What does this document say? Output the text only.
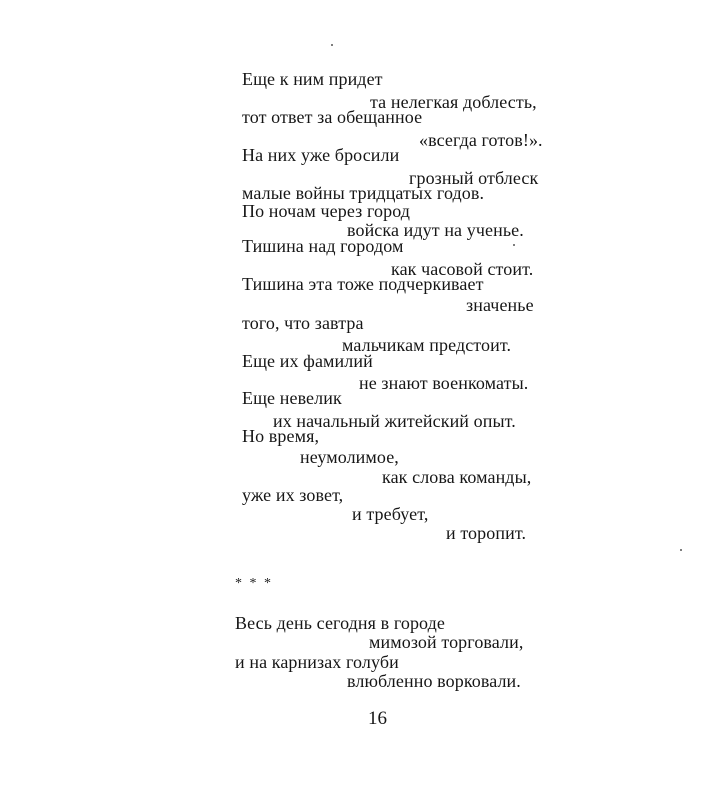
Еще к ним придет
та нелегкая доблесть,
тот ответ за обещанное
«всегда готов!».
На них уже бросили
грозный отблеск
малые войны тридцатых годов.
По ночам через город
войска идут на ученье.
Тишина над городом
как часовой стоит.
Тишина эта тоже подчеркивает
значенье
того, что завтра
мальчикам предстоит.
Еще их фамилий
не знают военкоматы.
Еще невелик
их начальный житейский опыт.
Но время,
неумолимое,
как слова команды,
уже их зовет,
и требует,
и торопит.
* * *
Весь день сегодня в городе
мимозой торговали,
и на карнизах голуби
влюбленно ворковали.
16
